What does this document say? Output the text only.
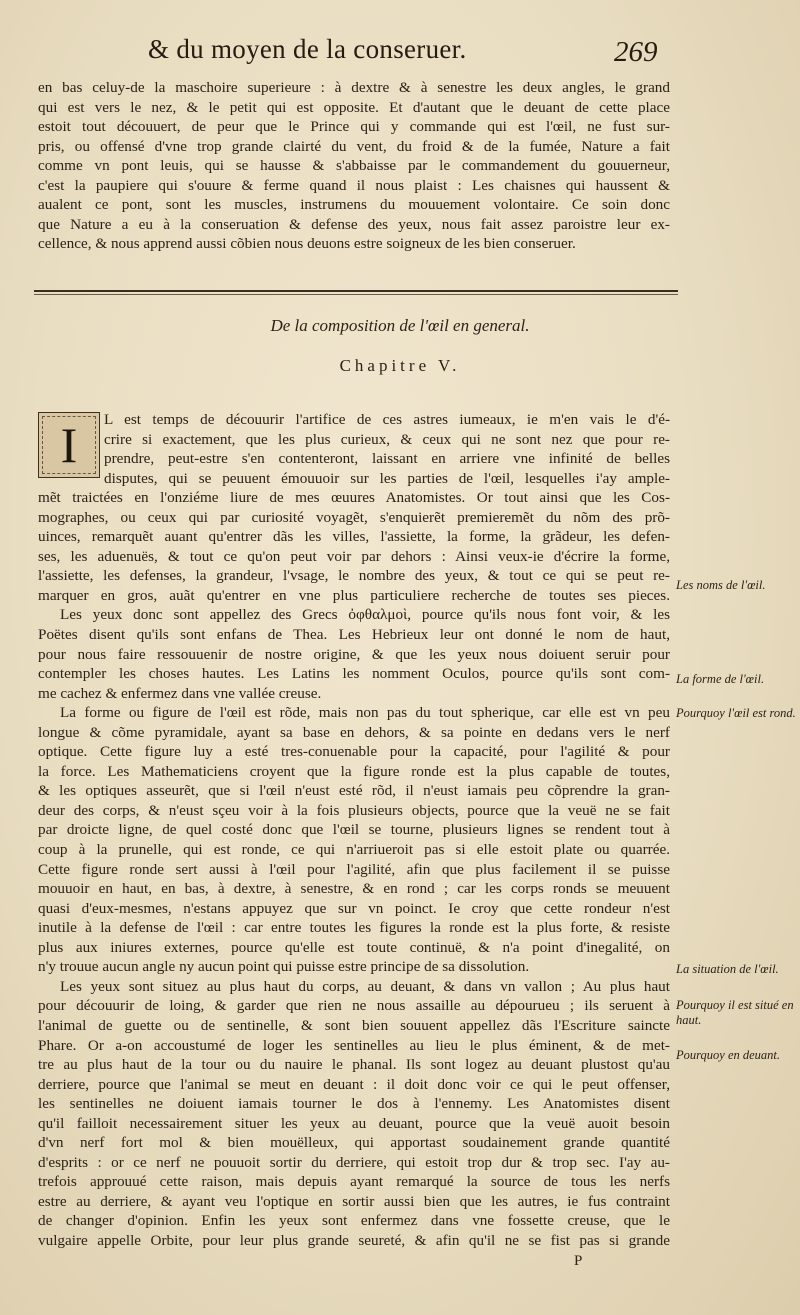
& du moyen de la conseruer.	269
en bas celuy-de la maschoire superieure : à dextre & à senestre les deux angles, le grand
qui est vers le nez, & le petit qui est opposite. Et d'autant que le deuant de cette place
estoit tout découuert, de peur que le Prince qui y commande qui est l'œil, ne fust sur-
pris, ou offensé d'vne trop grande clairté du vent, du froid & de la fumée, Nature a fait
comme vn pont leuis, qui se hausse & s'abbaisse par le commandement du gouuerneur,
c'est la paupiere qui s'ouure & ferme quand il nous plaist : Les chaisnes qui haussent &
aualent ce pont, sont les muscles, instrumens du mouuement volontaire. Ce soin donc
que Nature a eu à la conseruation & defense des yeux, nous fait assez paroistre leur ex-
cellence, & nous apprend aussi cõbien nous deuons estre soigneux de les bien conseruer.
De la composition de l'œil en general.
Chapitre V.
I	L est temps de découurir l'artifice de ces astres iumeaux, ie m'en vais le d'é-
crire si exactement, que les plus curieux, & ceux qui ne sont nez que pour re-
prendre, peut-estre s'en contenteront, laissant en arriere vne infinité de belles
disputes, qui se peuuent émouuoir sur les parties de l'œil, lesquelles i'ay ample-
mẽt traictées en l'onziéme liure de mes œuures Anatomistes. Or tout ainsi que les Cos-
mographes, ou ceux qui par curiosité voyagẽt, s'enquierẽt premieremẽt du nõm des prõ-
uinces, remarquẽt auant qu'entrer dãs les villes, l'assiette, la forme, la grãdeur, les defen-
ses, les aduenuës, & tout ce qu'on peut voir par dehors : Ainsi veux-ie d'écrire la forme,
l'assiette, les defenses, la grandeur, l'vsage, le nombre des yeux, & tout ce qui se peut re-
marquer en gros, auãt qu'entrer en vne plus particuliere recherche de toutes ses pieces.
Les yeux donc sont appellez des Grecs ὀφθαλμοὶ, pource qu'ils nous font voir, & les
Poëtes disent qu'ils sont enfans de Thea. Les Hebrieux leur ont donné le nom de haut,
pour nous faire ressouuenir de nostre origine, & que les yeux nous doiuent seruir pour
contempler les choses hautes. Les Latins les nomment Oculos, pource qu'ils sont com-
me cachez & enfermez dans vne vallée creuse.
La forme ou figure de l'œil est rõde, mais non pas du tout spherique, car elle est vn peu
longue & cõme pyramidale, ayant sa base en dehors, & sa pointe en dedans vers le nerf
optique. Cette figure luy a esté tres-conuenable pour la capacité, pour l'agilité & pour
la force. Les Mathematiciens croyent que la figure ronde est la plus capable de toutes,
& les optiques asseurẽt, que si l'œil n'eust esté rõd, il n'eust iamais peu cõprendre la gran-
deur des corps, & n'eust sçeu voir à la fois plusieurs objects, pource que la veuë ne se fait
par droicte ligne, de quel costé donc que l'œil se tourne, plusieurs lignes se rendent tout à
coup à la prunelle, qui est ronde, ce qui n'arriueroit pas si elle estoit plate ou quarrée.
Cette figure ronde sert aussi à l'œil pour l'agilité, afin que plus facilement il se puisse
mouuoir en haut, en bas, à dextre, à senestre, & en rond ; car les corps ronds se meuuent
quasi d'eux-mesmes, n'estans appuyez que sur vn poinct. Ie croy que cette rondeur n'est
inutile à la defense de l'œil : car entre toutes les figures la ronde est la plus forte, & resiste
plus aux iniures externes, pource qu'elle est toute continuë, & n'a point d'inegalité, on
n'y trouue aucun angle ny aucun point qui puisse estre principe de sa dissolution.
Les yeux sont situez au plus haut du corps, au deuant, & dans vn vallon ; Au plus haut
pour découurir de loing, & garder que rien ne nous assaille au dépourueu ; ils seruent à
l'animal de guette ou de sentinelle, & sont bien souuent appellez dãs l'Escriture saincte
Phare. Or a-on accoustumé de loger les sentinelles au lieu le plus éminent, & de met-
tre au plus haut de la tour ou du nauire le phanal. Ils sont logez au deuant plustost qu'au
derriere, pource que l'animal se meut en deuant : il doit donc voir ce qui le peut offenser,
les sentinelles ne doiuent iamais tourner le dos à l'ennemy. Les Anatomistes disent
qu'il failloit necessairement situer les yeux au deuant, pource que la veuë auoit besoin
d'vn nerf fort mol & bien mouëlleux, qui apportast soudainement grande quantité
d'esprits : or ce nerf ne pouuoit sortir du derriere, qui estoit trop dur & trop sec. I'ay au-
trefois approuué cette raison, mais depuis ayant remarqué la source de tous les nerfs
estre au derriere, & ayant veu l'optique en sortir aussi bien que les autres, ie fus contraint
de changer d'opinion. Enfin les yeux sont enfermez dans vne fossette creuse, que le
vulgaire appelle Orbite, pour leur plus grande seureté, & afin qu'il ne se fist pas si grande
Les noms de l'œil.
La forme de l'œil.
Pourquoy l'œil est rond.
La situation de l'œil.
Pourquoy il est situé en haut.
Pourquoy en deuant.
P
